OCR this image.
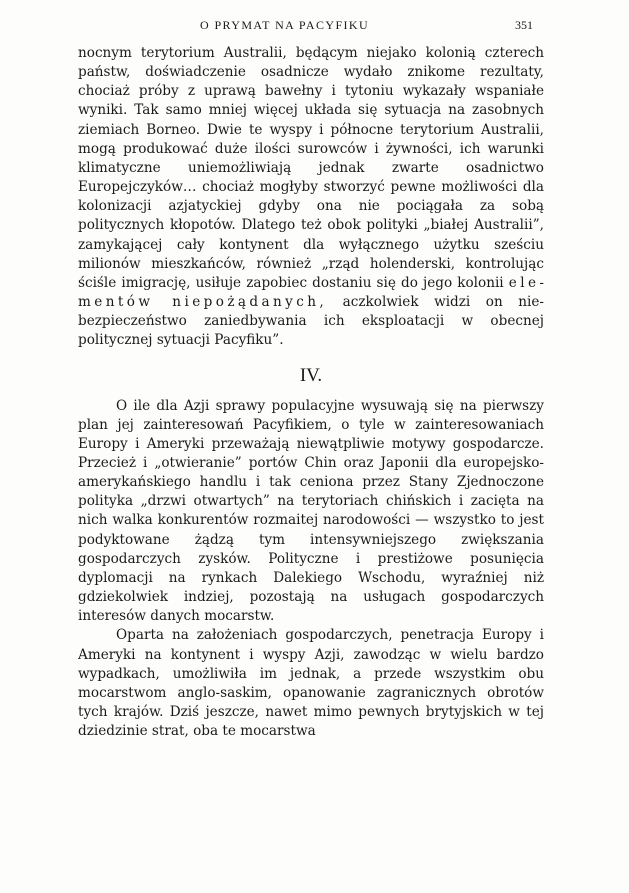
O PRYMAT NA PACYFIKU	351

nocnym terytorium Australii, będącym niejako kolonią czterech państw, doświadczenie osadnicze wydało znikome rezultaty, chociaż próby z uprawą bawełny i tytoniu wykazały wspaniałe wyniki. Tak samo mniej więcej układa się sytuacja na zasobnych ziemiach Borneo. Dwie te wyspy i północne terytorium Australii, mogą produkować duże ilości surowców i żywności, ich warunki klimatyczne uniemożliwiają jednak zwarte osadnictwo Europejczyków… chociaż mogłyby stworzyć pewne możliwości dla kolonizacji azjatyckiej gdyby ona nie pociągała za sobą politycznych kłopotów. Dlatego też obok polityki „białej Australii”, zamykającej cały kontynent dla wyłącznego użytku sześciu milionów mieszkańców, również „rząd holenderski, kontrolując ściśle imigrację, usiłuje zapobiec dostaniu się do jego kolonii elementów niepożądanych, aczkolwiek widzi on niebezpieczeństwo zaniedbywania ich eksploatacji w obecnej politycznej sytuacji Pacyfiku”.

IV.

O ile dla Azji sprawy populacyjne wysuwają się na pierwszy plan jej zainteresowań Pacyfikiem, o tyle w zainteresowaniach Europy i Ameryki przeważają niewątpliwie motywy gospodarcze. Przecież i „otwieranie” portów Chin oraz Japonii dla europejsko-amerykańskiego handlu i tak ceniona przez Stany Zjednoczone polityka „drzwi otwartych” na terytoriach chińskich i zacięta na nich walka konkurentów rozmaitej narodowości — wszystko to jest podyktowane żądzą tym intensywniejszego zwiększania gospodarczych zysków. Polityczne i prestiżowe posunięcia dyplomacji na rynkach Dalekiego Wschodu, wyraźniej niż gdziekolwiek indziej, pozostają na usługach gospodarczych interesów danych mocarstw.

Oparta na założeniach gospodarczych, penetracja Europy i Ameryki na kontynent i wyspy Azji, zawodząc w wielu bardzo wypadkach, umożliwiła im jednak, a przede wszystkim obu mocarstwom anglo-saskim, opanowanie zagranicznych obrotów tych krajów. Dziś jeszcze, nawet mimo pewnych brytyjskich w tej dziedzinie strat, oba te mocarstwa
